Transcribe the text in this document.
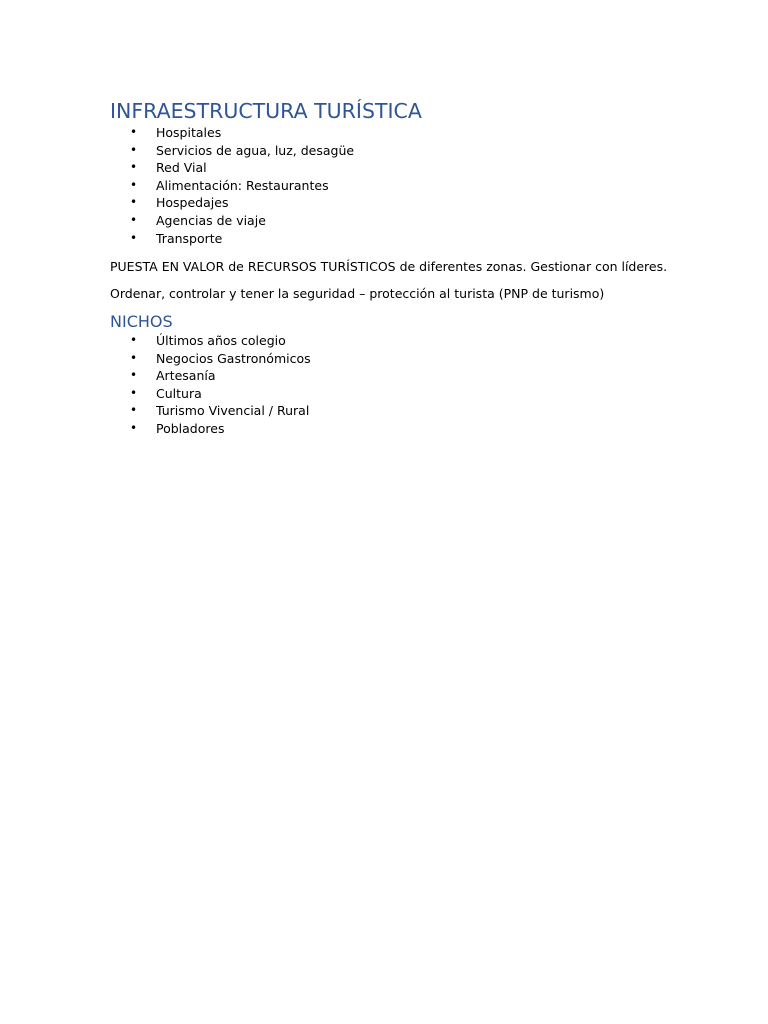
INFRAESTRUCTURA TURÍSTICA
• Hospitales
• Servicios de agua, luz, desagüe
• Red Vial
• Alimentación: Restaurantes
• Hospedajes
• Agencias de viaje
• Transporte

PUESTA EN VALOR de RECURSOS TURÍSTICOS de diferentes zonas. Gestionar con líderes.

Ordenar, controlar y tener la seguridad – protección al turista (PNP de turismo)

NICHOS
• Últimos años colegio
• Negocios Gastronómicos
• Artesanía
• Cultura
• Turismo Vivencial / Rural
• Pobladores
